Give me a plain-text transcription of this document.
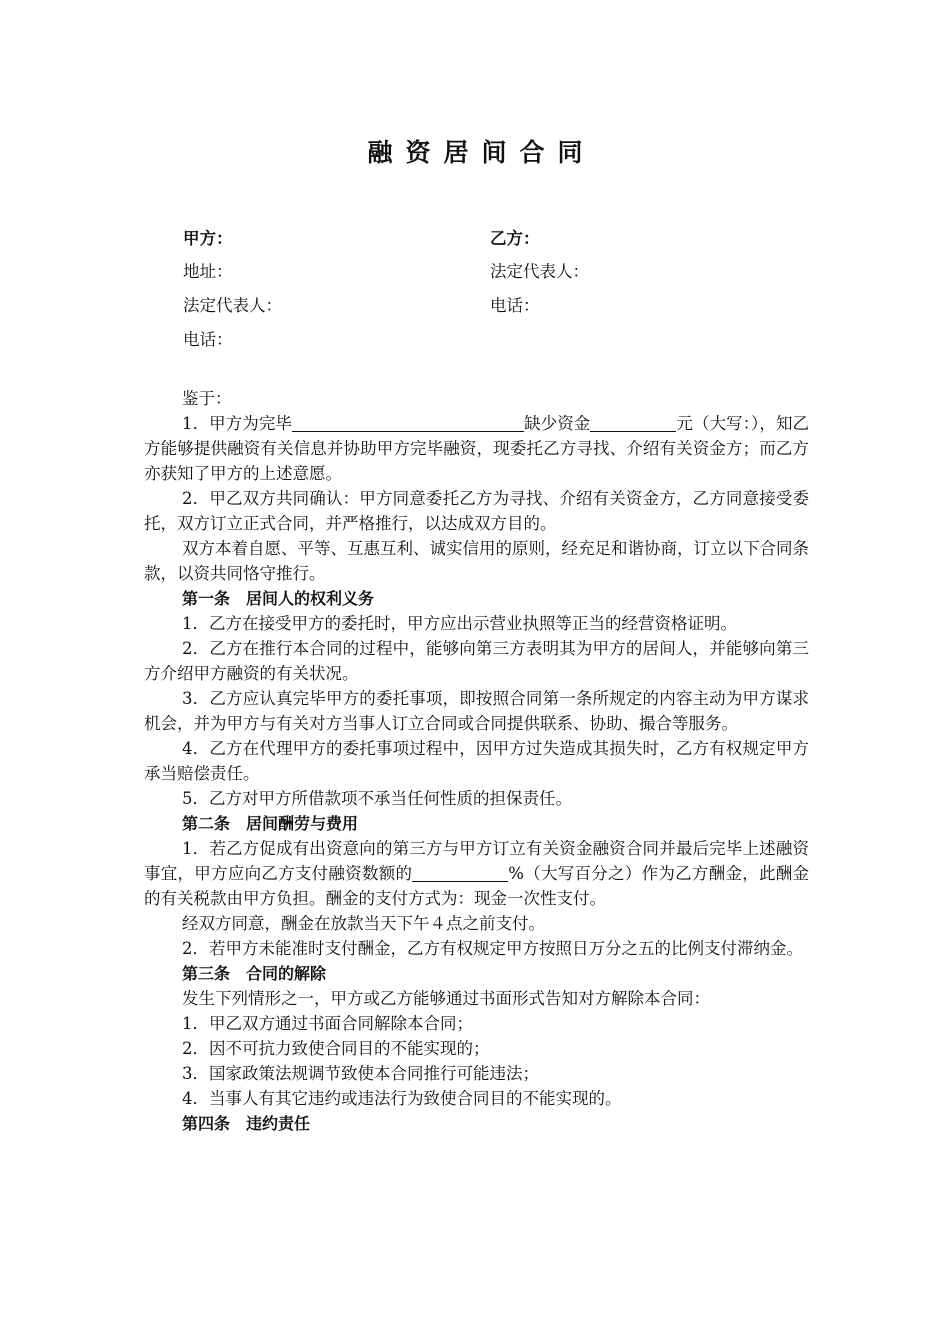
融资居间合同
甲方：	乙方：
地址：	法定代表人：
法定代表人：	电话：
电话：

鉴于：

1．甲方为完毕	缺少资金	元（大写：），知乙方能够提供融资有关信息并协助甲方完毕融资，现委托乙方寻找、介绍有关资金方；而乙方亦获知了甲方的上述意愿。

2．甲乙双方共同确认：甲方同意委托乙方为寻找、介绍有关资金方，乙方同意接受委托，双方订立正式合同，并严格推行，以达成双方目的。

双方本着自愿、平等、互惠互利、诚实信用的原则，经充足和谐协商，订立以下合同条款，以资共同恪守推行。

第一条　居间人的权利义务

1．乙方在接受甲方的委托时，甲方应出示营业执照等正当的经营资格证明。

2．乙方在推行本合同的过程中，能够向第三方表明其为甲方的居间人，并能够向第三方介绍甲方融资的有关状况。

3．乙方应认真完毕甲方的委托事项，即按照合同第一条所规定的内容主动为甲方谋求机会，并为甲方与有关对方当事人订立合同或合同提供联系、协助、撮合等服务。

4．乙方在代理甲方的委托事项过程中，因甲方过失造成其损失时，乙方有权规定甲方承当赔偿责任。

5．乙方对甲方所借款项不承当任何性质的担保责任。

第二条　居间酬劳与费用

1．若乙方促成有出资意向的第三方与甲方订立有关资金融资合同并最后完毕上述融资事宜，甲方应向乙方支付融资数额的	%（大写百分之）作为乙方酬金，此酬金的有关税款由甲方负担。酬金的支付方式为：现金一次性支付。

经双方同意，酬金在放款当天下午４点之前支付。

2．若甲方未能准时支付酬金，乙方有权规定甲方按照日万分之五的比例支付滞纳金。

第三条　合同的解除

发生下列情形之一，甲方或乙方能够通过书面形式告知对方解除本合同：

1．甲乙双方通过书面合同解除本合同；

2．因不可抗力致使合同目的不能实现的；

3．国家政策法规调节致使本合同推行可能违法；

4．当事人有其它违约或违法行为致使合同目的不能实现的。

第四条　违约责任
